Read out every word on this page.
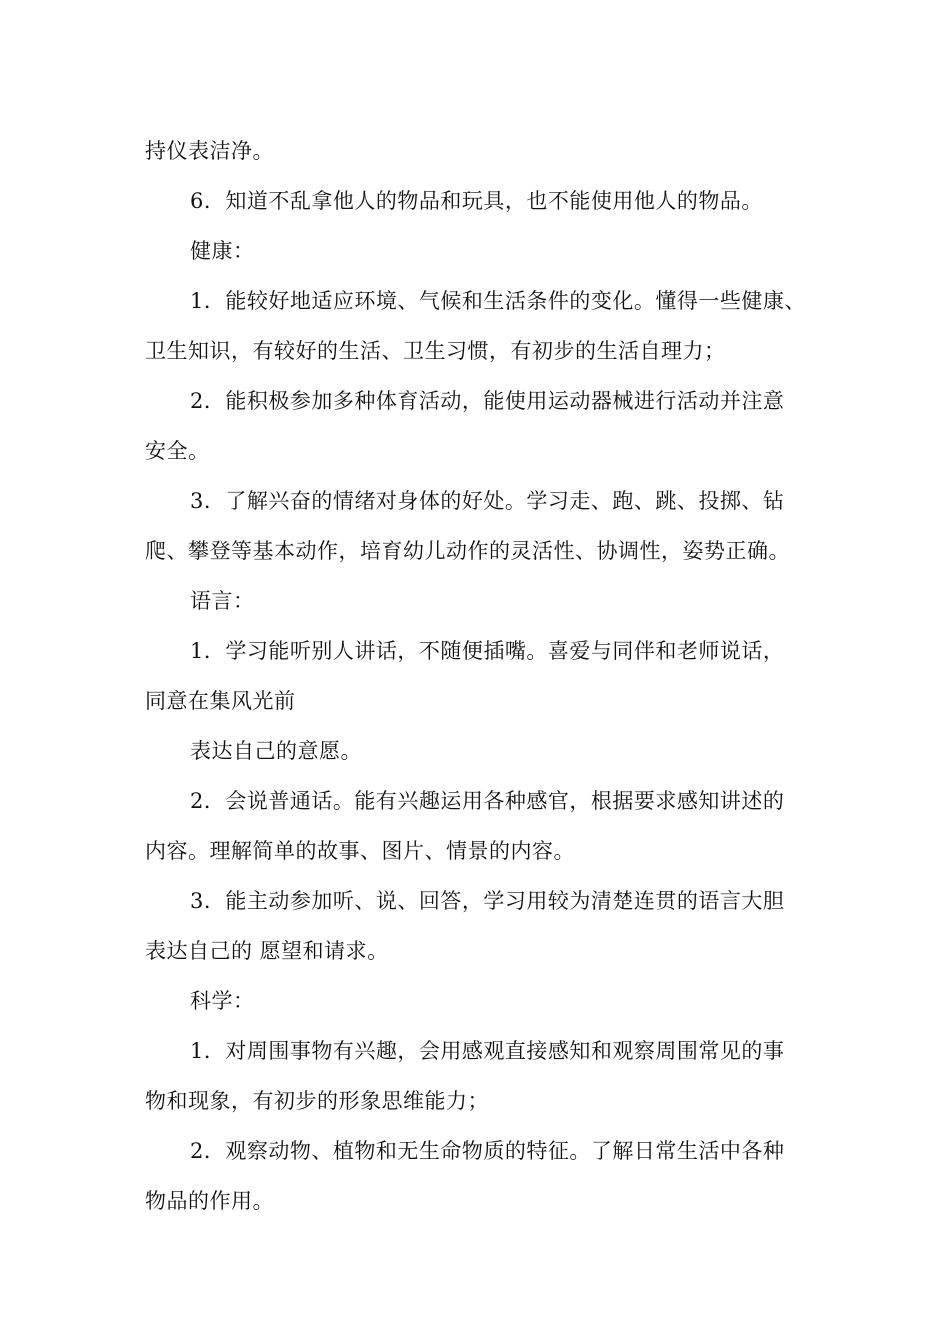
持仪表洁净。
6．知道不乱拿他人的物品和玩具，也不能使用他人的物品。
健康：
1．能较好地适应环境、气候和生活条件的变化。懂得一些健康、
卫生知识，有较好的生活、卫生习惯，有初步的生活自理力；
2．能积极参加多种体育活动，能使用运动器械进行活动并注意
安全。
3．了解兴奋的情绪对身体的好处。学习走、跑、跳、投掷、钻
爬、攀登等基本动作，培育幼儿动作的灵活性、协调性，姿势正确。
语言：
1．学习能听别人讲话，不随便插嘴。喜爱与同伴和老师说话，
同意在集风光前
表达自己的意愿。
2．会说普通话。能有兴趣运用各种感官，根据要求感知讲述的
内容。理解简单的故事、图片、情景的内容。
3．能主动参加听、说、回答，学习用较为清楚连贯的语言大胆
表达自己的 愿望和请求。
科学：
1．对周围事物有兴趣，会用感观直接感知和观察周围常见的事
物和现象，有初步的形象思维能力；
2．观察动物、植物和无生命物质的特征。了解日常生活中各种
物品的作用。
